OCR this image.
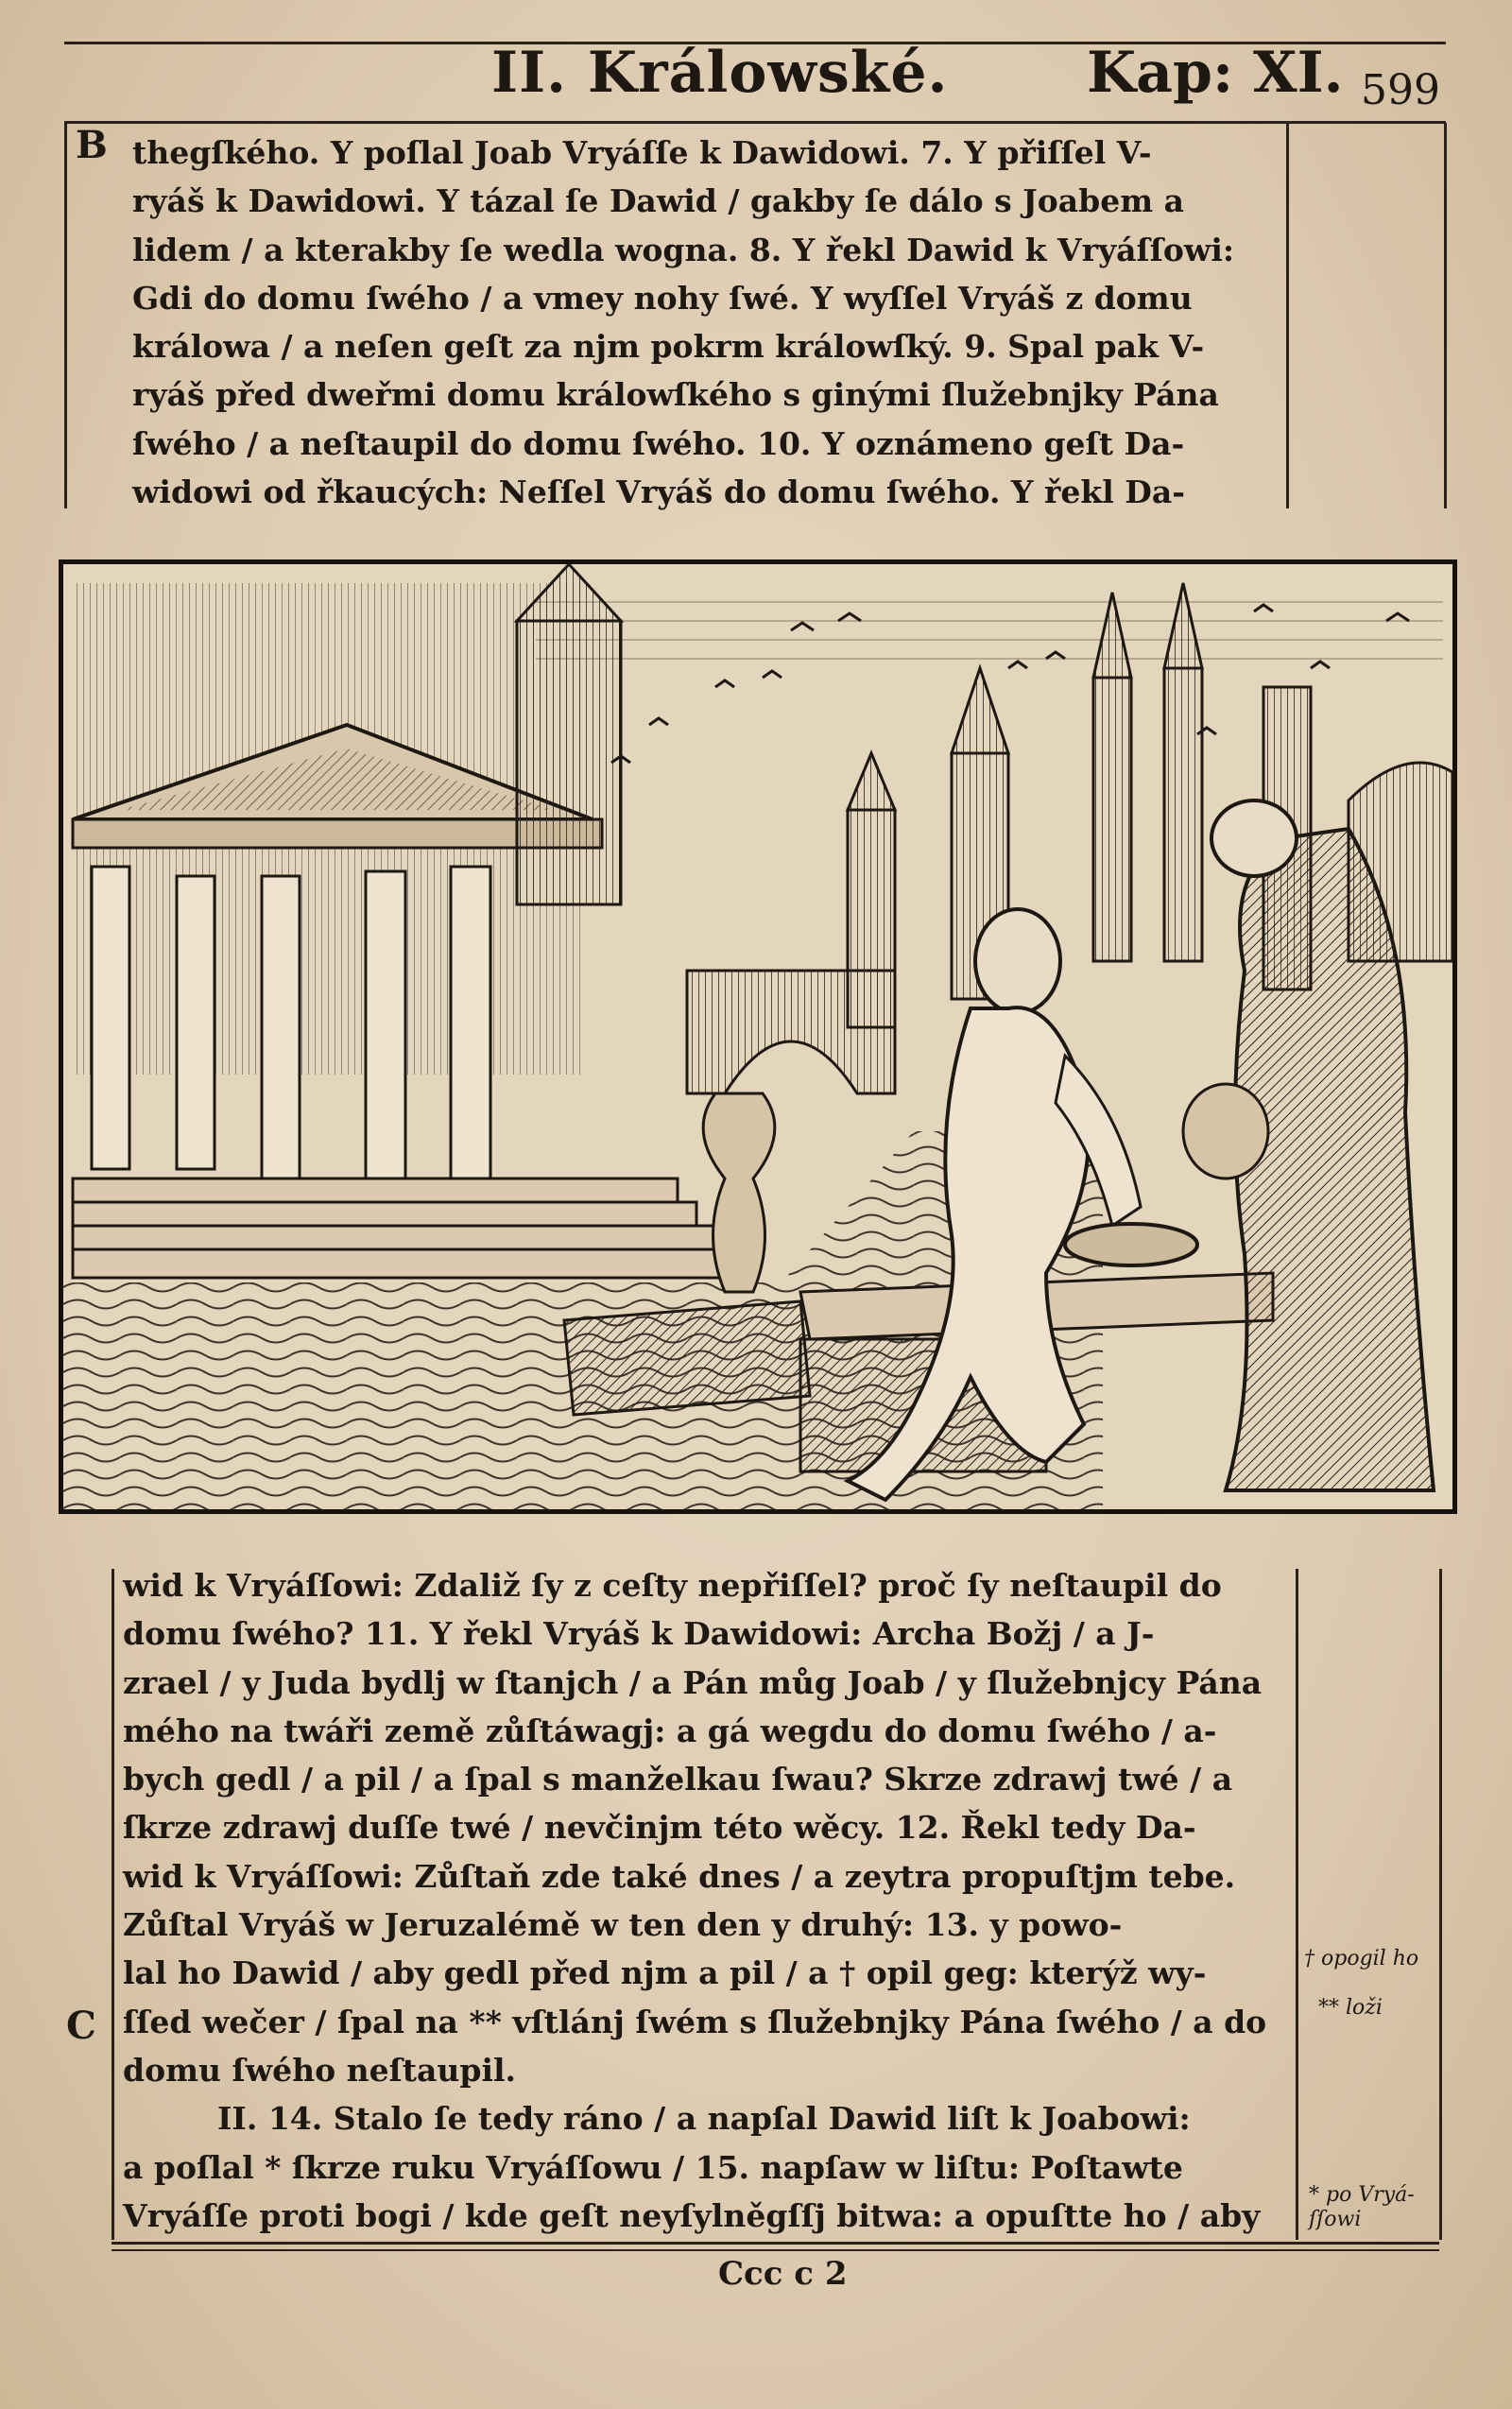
II. Králowské. Kap: XI. 599
B thegſkého. Y poſlal Joab Vryáſſe k Dawidowi. 7. Y přiſſel V-
ryáš k Dawidowi. Y tázal ſe Dawid / gakby ſe dálo s Joabem a
lidem / a kterakby ſe wedla wogna. 8. Y řekl Dawid k Vryáſſowi:
Gdi do domu ſwého / a vmey nohy ſwé. Y wyſſel Vryáš z domu
králowa / a neſen geſt za njm pokrm králowſký. 9. Spal pak V-
ryáš před dweřmi domu králowſkého s ginými ſlužebnjky Pána
ſwého / a neſtaupil do domu ſwého. 10. Y oznámeno geſt Da-
widowi od řkaucých: Neſſel Vryáš do domu ſwého. Y řekl Da-
C
wid k Vryáſſowi: Zdaliž ſy z ceſty nepřiſſel? proč ſy neſtaupil do
domu ſwého? 11. Y řekl Vryáš k Dawidowi: Archa Božj / a J-
zrael / y Juda bydlj w ſtanjch / a Pán můg Joab / y ſlužebnjcy Pána
mého na twáři země zůſtáwagj: a gá wegdu do domu ſwého / a-
bych gedl / a pil / a ſpal s manželkau ſwau? Skrze zdrawj twé / a
ſkrze zdrawj duſſe twé / nevčinjm této wěcy. 12. Řekl tedy Da-
wid k Vryáſſowi: Zůſtaň zde také dnes / a zeytra propuſtjm tebe.
Zůſtal Vryáš w Jeruzalémě w ten den y druhý: 13. y powo-
lal ho Dawid / aby gedl před njm a pil / a † opil geg: kterýž wy-
ſſed wečer / ſpal na ** vſtlánj ſwém s ſlužebnjky Pána ſwého / a do
domu ſwého neſtaupil.
II. 14. Stalo ſe tedy ráno / a napſal Dawid liſt k Joabowi:
a poſlal * ſkrze ruku Vryáſſowu / 15. napſaw w liſtu: Poſtawte
Vryáſſe proti bogi / kde geſt neyſylněgſſj bitwa: a opuſtte ho / aby
† opogil ho
** loži
* po Vryá-
ſſowi
Ccc c 2
